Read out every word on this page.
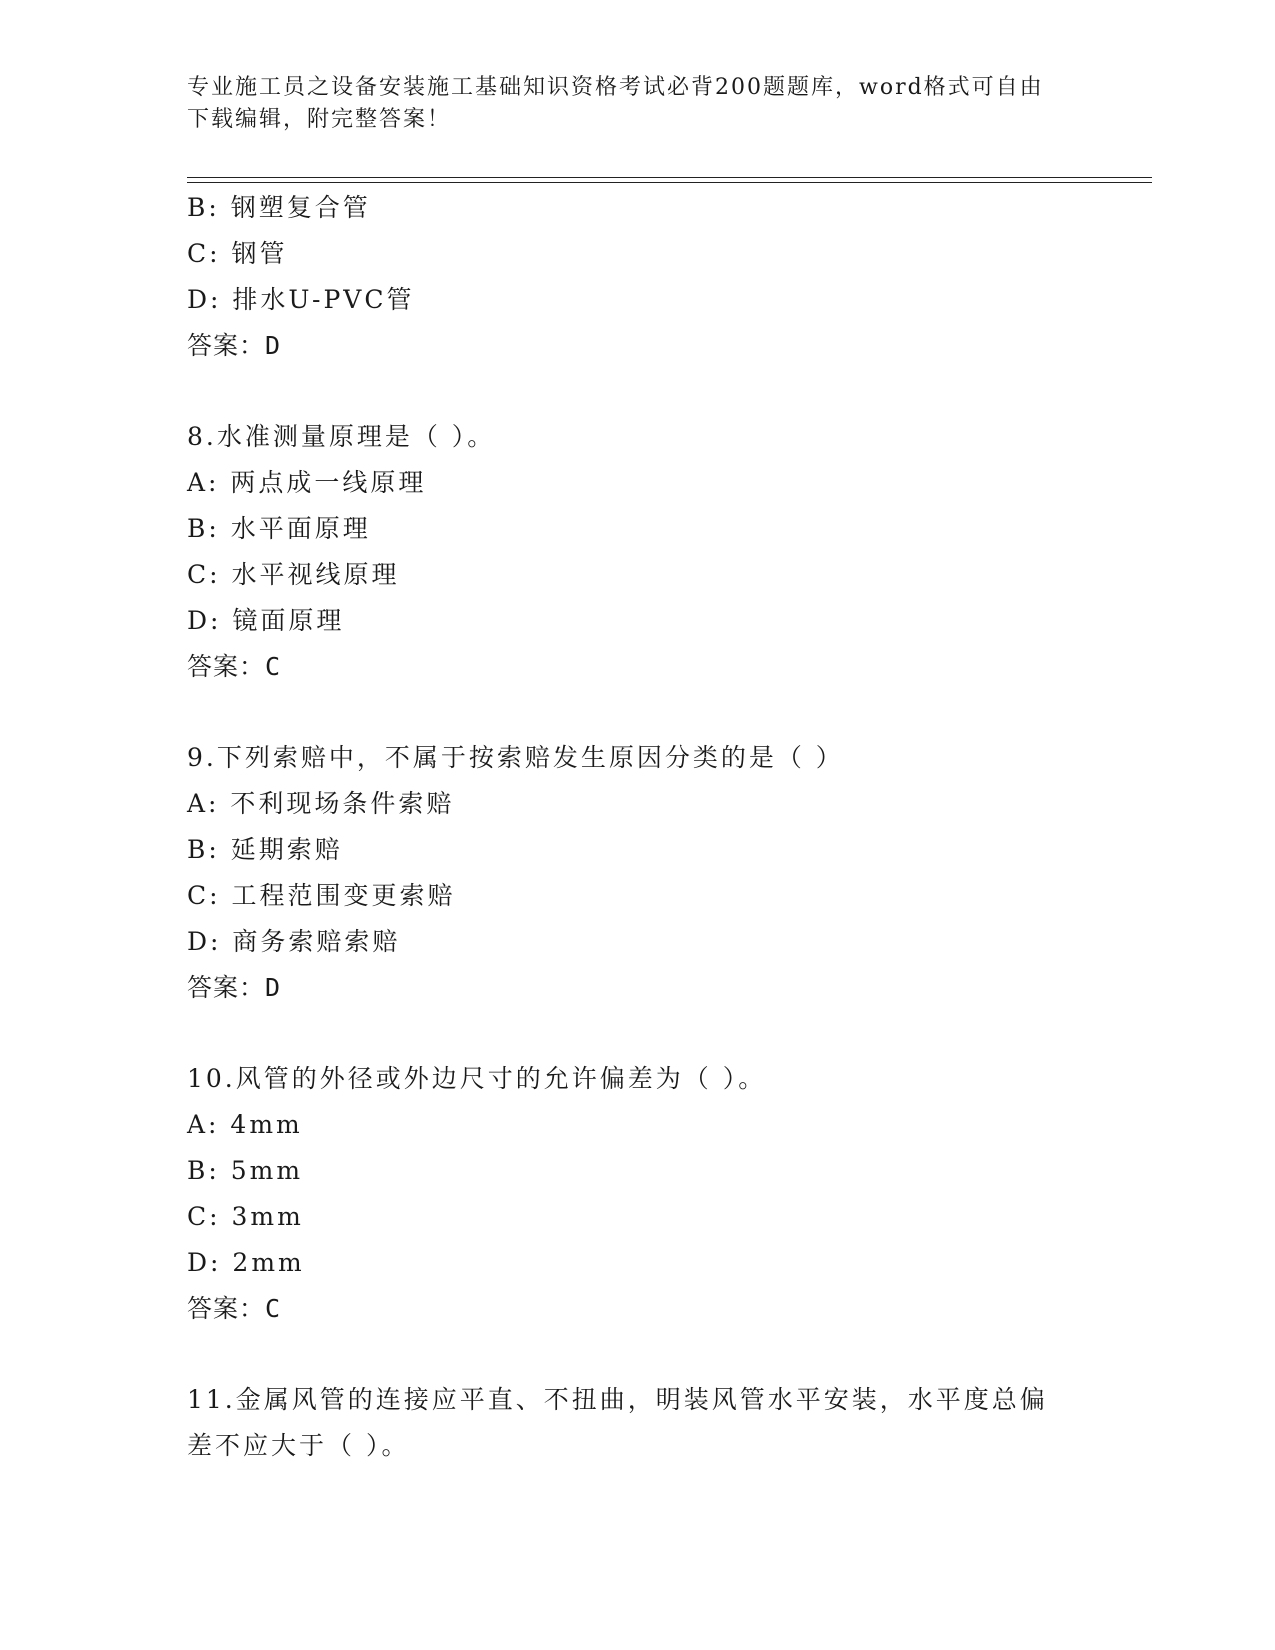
专业施工员之设备安装施工基础知识资格考试必背200题题库，word格式可自由
下载编辑，附完整答案！
B: 钢塑复合管
C: 钢管
D: 排水U-PVC管
答案：D
8.水准测量原理是（ ）。
A: 两点成一线原理
B: 水平面原理
C: 水平视线原理
D: 镜面原理
答案：C
9.下列索赔中，不属于按索赔发生原因分类的是（ ）
A: 不利现场条件索赔
B: 延期索赔
C: 工程范围变更索赔
D: 商务索赔索赔
答案：D
10.风管的外径或外边尺寸的允许偏差为（ ）。
A: 4mm
B: 5mm
C: 3mm
D: 2mm
答案：C
11.金属风管的连接应平直、不扭曲，明装风管水平安装，水平度总偏
差不应大于（ ）。
